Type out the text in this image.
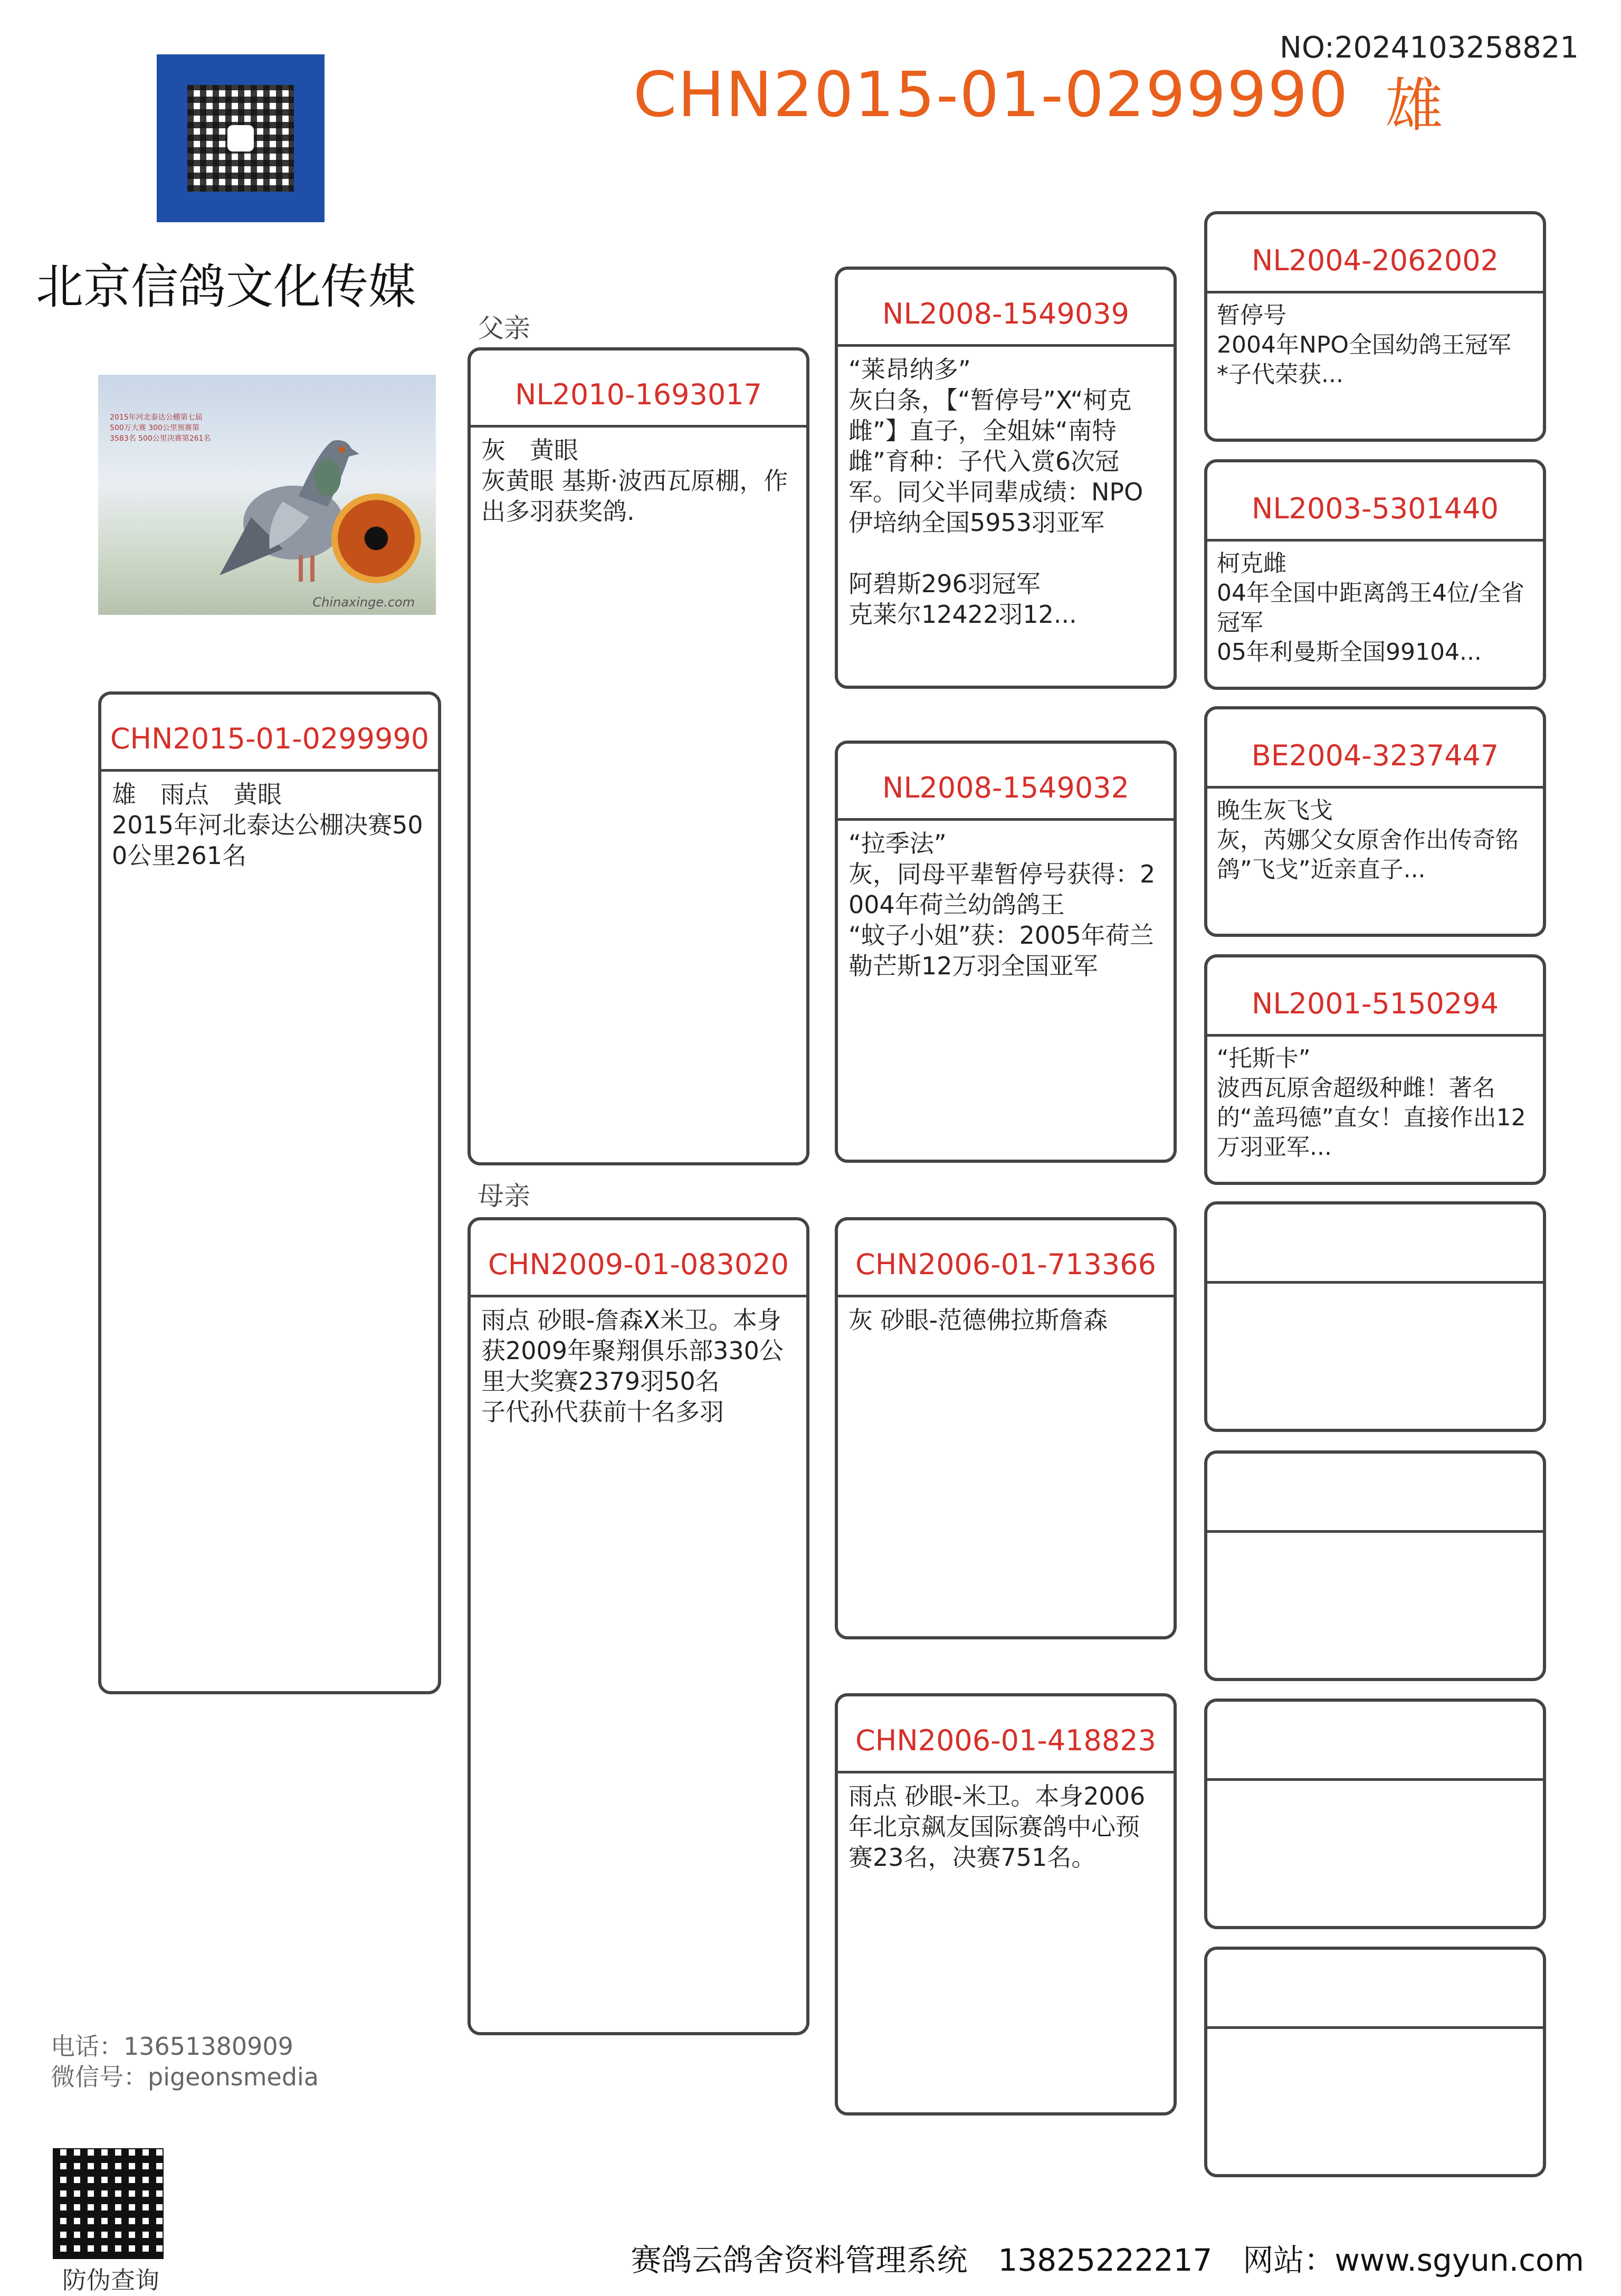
NO:2024103258821
CHN2015-01-0299990 雄
北京信鸽文化传媒
2015年河北泰达公棚第七届500万大赛 300公里预赛第3583名 500公里决赛第261名
Chinaxinge.com
父亲
母亲
CHN2015-01-0299990
雄　雨点　黄眼
2015年河北泰达公棚决赛500公里261名
NL2010-1693017
灰　黄眼
灰黄眼 基斯·波西瓦原棚，作出多羽获奖鸽.
CHN2009-01-083020
雨点 砂眼-詹森X米卫。本身获2009年聚翔俱乐部330公里大奖赛2379羽50名
子代孙代获前十名多羽
NL2008-1549039
“莱昂纳多”
灰白条，【“暂停号”X“柯克雌”】直子，全姐妹“南特雌”育种：子代入赏6次冠军。同父半同辈成绩：NPO伊培纳全国5953羽亚军

阿碧斯296羽冠军
克莱尔12422羽12...
NL2008-1549032
“拉季法”
灰，同母平辈暂停号获得：2004年荷兰幼鸽鸽王
“蚊子小姐”获：2005年荷兰勒芒斯12万羽全国亚军
CHN2006-01-713366
灰 砂眼-范德佛拉斯詹森
CHN2006-01-418823
雨点 砂眼-米卫。本身2006年北京飙友国际赛鸽中心预赛23名，决赛751名。
NL2004-2062002
暂停号
2004年NPO全国幼鸽王冠军
*子代荣获...
NL2003-5301440
柯克雌
04年全国中距离鸽王4位/全省冠军
05年利曼斯全国99104...
BE2004-3237447
晚生灰飞戈
灰，芮娜父女原舍作出传奇铭鸽”飞戈”近亲直子...
NL2001-5150294
“托斯卡”
波西瓦原舍超级种雌！著名的“盖玛德”直女！直接作出12万羽亚军...
电话：13651380909
微信号：pigeonsmedia
防伪查询
赛鸽云鸽舍资料管理系统　13825222217　网站：www.sgyun.com
